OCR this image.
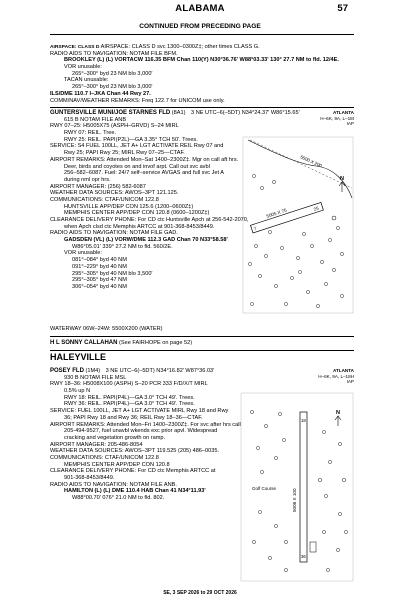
ALABAMA	57
CONTINUED FROM PRECEDING PAGE
AIRSPACE: CLASS D AIRSPACE: CLASS D svc 1300–0300Z‡; other times CLASS G.
RADIO AIDS TO NAVIGATION: NOTAM FILE BFM.
BROOKLEY (L) (L) VORTACW 116.35 BFM Chan 110(Y) N30°36.76' W88°03.33' 130° 27.7 NM to fld. 12/4E.
VOR unusable:
265°–300° byd 23 NM blo 3,000'
TACAN unusable:
265°–300° byd 23 NM blo 3,000'
ILS/DME 110.7 I–JKA Chan 44 Rwy 27.
COMM/NAV/WEATHER REMARKS: Freq 122.7 for UNICOM use only.
GUNTERSVILLE MUNI/JOE STARNES FLD (8A1) 3 NE UTC–6(–5DT) N34°24.37' W86°15.65'
615 B NOTAM FILE ANB
RWY 07–25: H5005X75 (ASPH–GRVD) S–24 MIRL
RWY 07: REIL. Tree.
RWY 25: REIL. PAPI(P2L)—GA 3.35° TCH 50'. Trees.
SERVICE: S4 FUEL 100LL, JET A+ LGT ACTIVATE REIL Rwy 07 and
Rwy 25; PAPI Rwy 25; MIRL Rwy 07–25—CTAF.
AIRPORT REMARKS: Attended Mon–Sat 1400–2300Z‡. Mgr on call aft hrs.
Deer, birds and coyotes on and invof arpt. Call out svc avbl
256–582–6087. Fuel: 24/7 self–service AVGAS and full svc Jet A
during nml opr hrs.
AIRPORT MANAGER: (256) 582-6087
WEATHER DATA SOURCES: AWOS–3PT 121.125.
COMMUNICATIONS: CTAF/UNICOM 122.8
HUNTSVILLE APP/DEP CON 125.6 (1200–0600Z‡)
MEMPHIS CENTER APP/DEP CON 120.8 (0600–1200Z‡)
CLEARANCE DELIVERY PHONE: For CD ctc Huntsville Apch at 256-542-2070,
when Apch clsd ctc Memphis ARTCC at 901-368-8453/8449.
RADIO AIDS TO NAVIGATION: NOTAM FILE GAD.
GADSDEN (VL) (L) VORW/DME 112.3 GAD Chan 70 N33°58.58'
W86°05.01' 339° 27.2 NM to fld. 560/2E.
VOR unusable:
081°–084° byd 40 NM
091°–229° byd 40 NM
295°–305° byd 40 NM blo 3,500'
295°–305° byd 47 NM
306°–054° byd 40 NM
ATLANTA
H–6K, 9A, L–18I
IAP
5500 X 200
5005 X 75
7
25
N
WATERWAY 06W–24W: 5500X200 (WATER)
H L SONNY CALLAHAN (See FAIRHOPE on page 52)
HALEYVILLE
POSEY FLD (1M4) 3 NE UTC–6(–5DT) N34°16.82' W87°36.03'
930 B NOTAM FILE MSL
RWY 18–36: H5008X100 (ASPH) S–20 PCR 333 F/D/X/T MIRL
0.5% up N
RWY 18: REIL. PAPI(P4L)—GA 3.0° TCH 49'. Trees.
RWY 36: REIL. PAPI(P4L)—GA 3.0° TCH 49'. Trees.
SERVICE: FUEL 100LL, JET A+ LGT ACTIVATE MIRL Rwy 18 and Rwy
36; PAPI Rwy 18 and Rwy 36; REIL Rwy 18–36—CTAF.
AIRPORT REMARKS: Attended Mon–Fri 1400–2300Z‡. For svc after hrs call
205-494-9527, fuel unavbl wkends exc prior apvl. Widespread
cracking and vegetation growth on ramp.
AIRPORT MANAGER: 205-486-8054
WEATHER DATA SOURCES: AWOS–3PT 119.525 (205) 486–0035.
COMMUNICATIONS: CTAF/UNICOM 122.8
MEMPHIS CENTER APP/DEP CON 120.8
CLEARANCE DELIVERY PHONE: For CD ctc Memphis ARTCC at
901-368-8453/8449.
RADIO AIDS TO NAVIGATION: NOTAM FILE ANB.
HAMILTON (L) (L) DME 110.4 HAB Chan 41 N34°11.93'
W88°00.70' 076° 21.0 NM to fld. 802.
ATLANTA
H–6K, 9A, L–18H
IAP
5008 X 100
18
36
Golf Course
N
SE, 3 SEP 2026 to 29 OCT 2026
